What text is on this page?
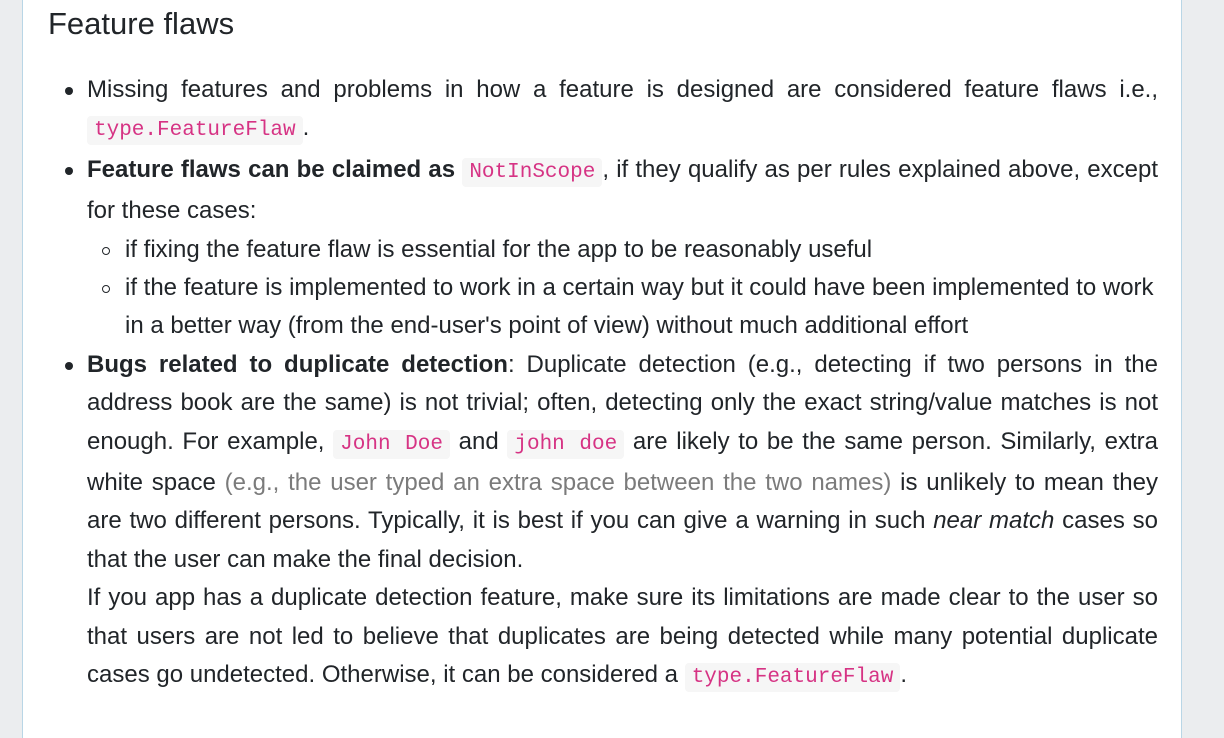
Feature flaws
Missing features and problems in how a feature is designed are considered feature flaws i.e., type.FeatureFlaw .
Feature flaws can be claimed as NotInScope , if they qualify as per rules explained above, except for these cases:
if fixing the feature flaw is essential for the app to be reasonably useful
if the feature is implemented to work in a certain way but it could have been implemented to work in a better way (from the end-user's point of view) without much additional effort
Bugs related to duplicate detection: Duplicate detection (e.g., detecting if two persons in the address book are the same) is not trivial; often, detecting only the exact string/value matches is not enough. For example, John Doe and john doe are likely to be the same person. Similarly, extra white space (e.g., the user typed an extra space between the two names) is unlikely to mean they are two different persons. Typically, it is best if you can give a warning in such near match cases so that the user can make the final decision.
If you app has a duplicate detection feature, make sure its limitations are made clear to the user so that users are not led to believe that duplicates are being detected while many potential duplicate cases go undetected. Otherwise, it can be considered a type.FeatureFlaw .
